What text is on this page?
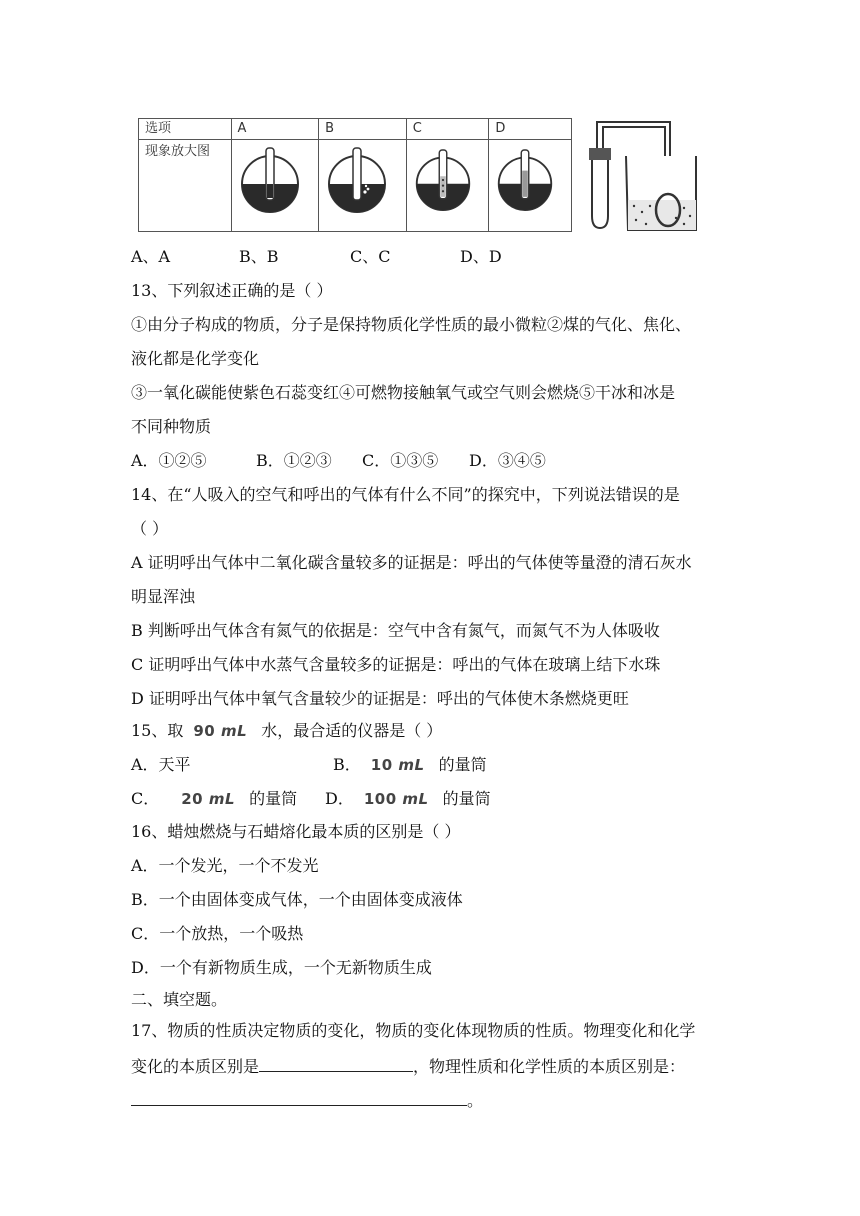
选项	A	B	C	D
现象放大图				
A、A	B、B	C、C	D、D
13、下列叙述正确的是（ ）
①由分子构成的物质，分子是保持物质化学性质的最小微粒②煤的气化、焦化、
液化都是化学变化
③一氧化碳能使紫色石蕊变红④可燃物接触氧气或空气则会燃烧⑤干冰和冰是
不同种物质
A．①②⑤	B．①②③ C．①③⑤ D．③④⑤
14、在“人吸入的空气和呼出的气体有什么不同”的探究中，下列说法错误的是
（ ）
A 证明呼出气体中二氧化碳含量较多的证据是：呼出的气体使等量澄的清石灰水
明显浑浊
B 判断呼出气体含有氮气的依据是：空气中含有氮气，而氮气不为人体吸收
C 证明呼出气体中水蒸气含量较多的证据是：呼出的气体在玻璃上结下水珠
D 证明呼出气体中氧气含量较少的证据是：呼出的气体使木条燃烧更旺
15、取 90 mL 水，最合适的仪器是（ ）
A．天平	B． 10 mL 的量筒
C． 20 mL 的量筒 D． 100 mL 的量筒
16、蜡烛燃烧与石蜡熔化最本质的区别是（ ）
A．一个发光，一个不发光
B．一个由固体变成气体，一个由固体变成液体
C．一个放热，一个吸热
D．一个有新物质生成，一个无新物质生成
二、填空题。
17、物质的性质决定物质的变化，物质的变化体现物质的性质。物理变化和化学
变化的本质区别是	，物理性质和化学性质的本质区别是：
。
